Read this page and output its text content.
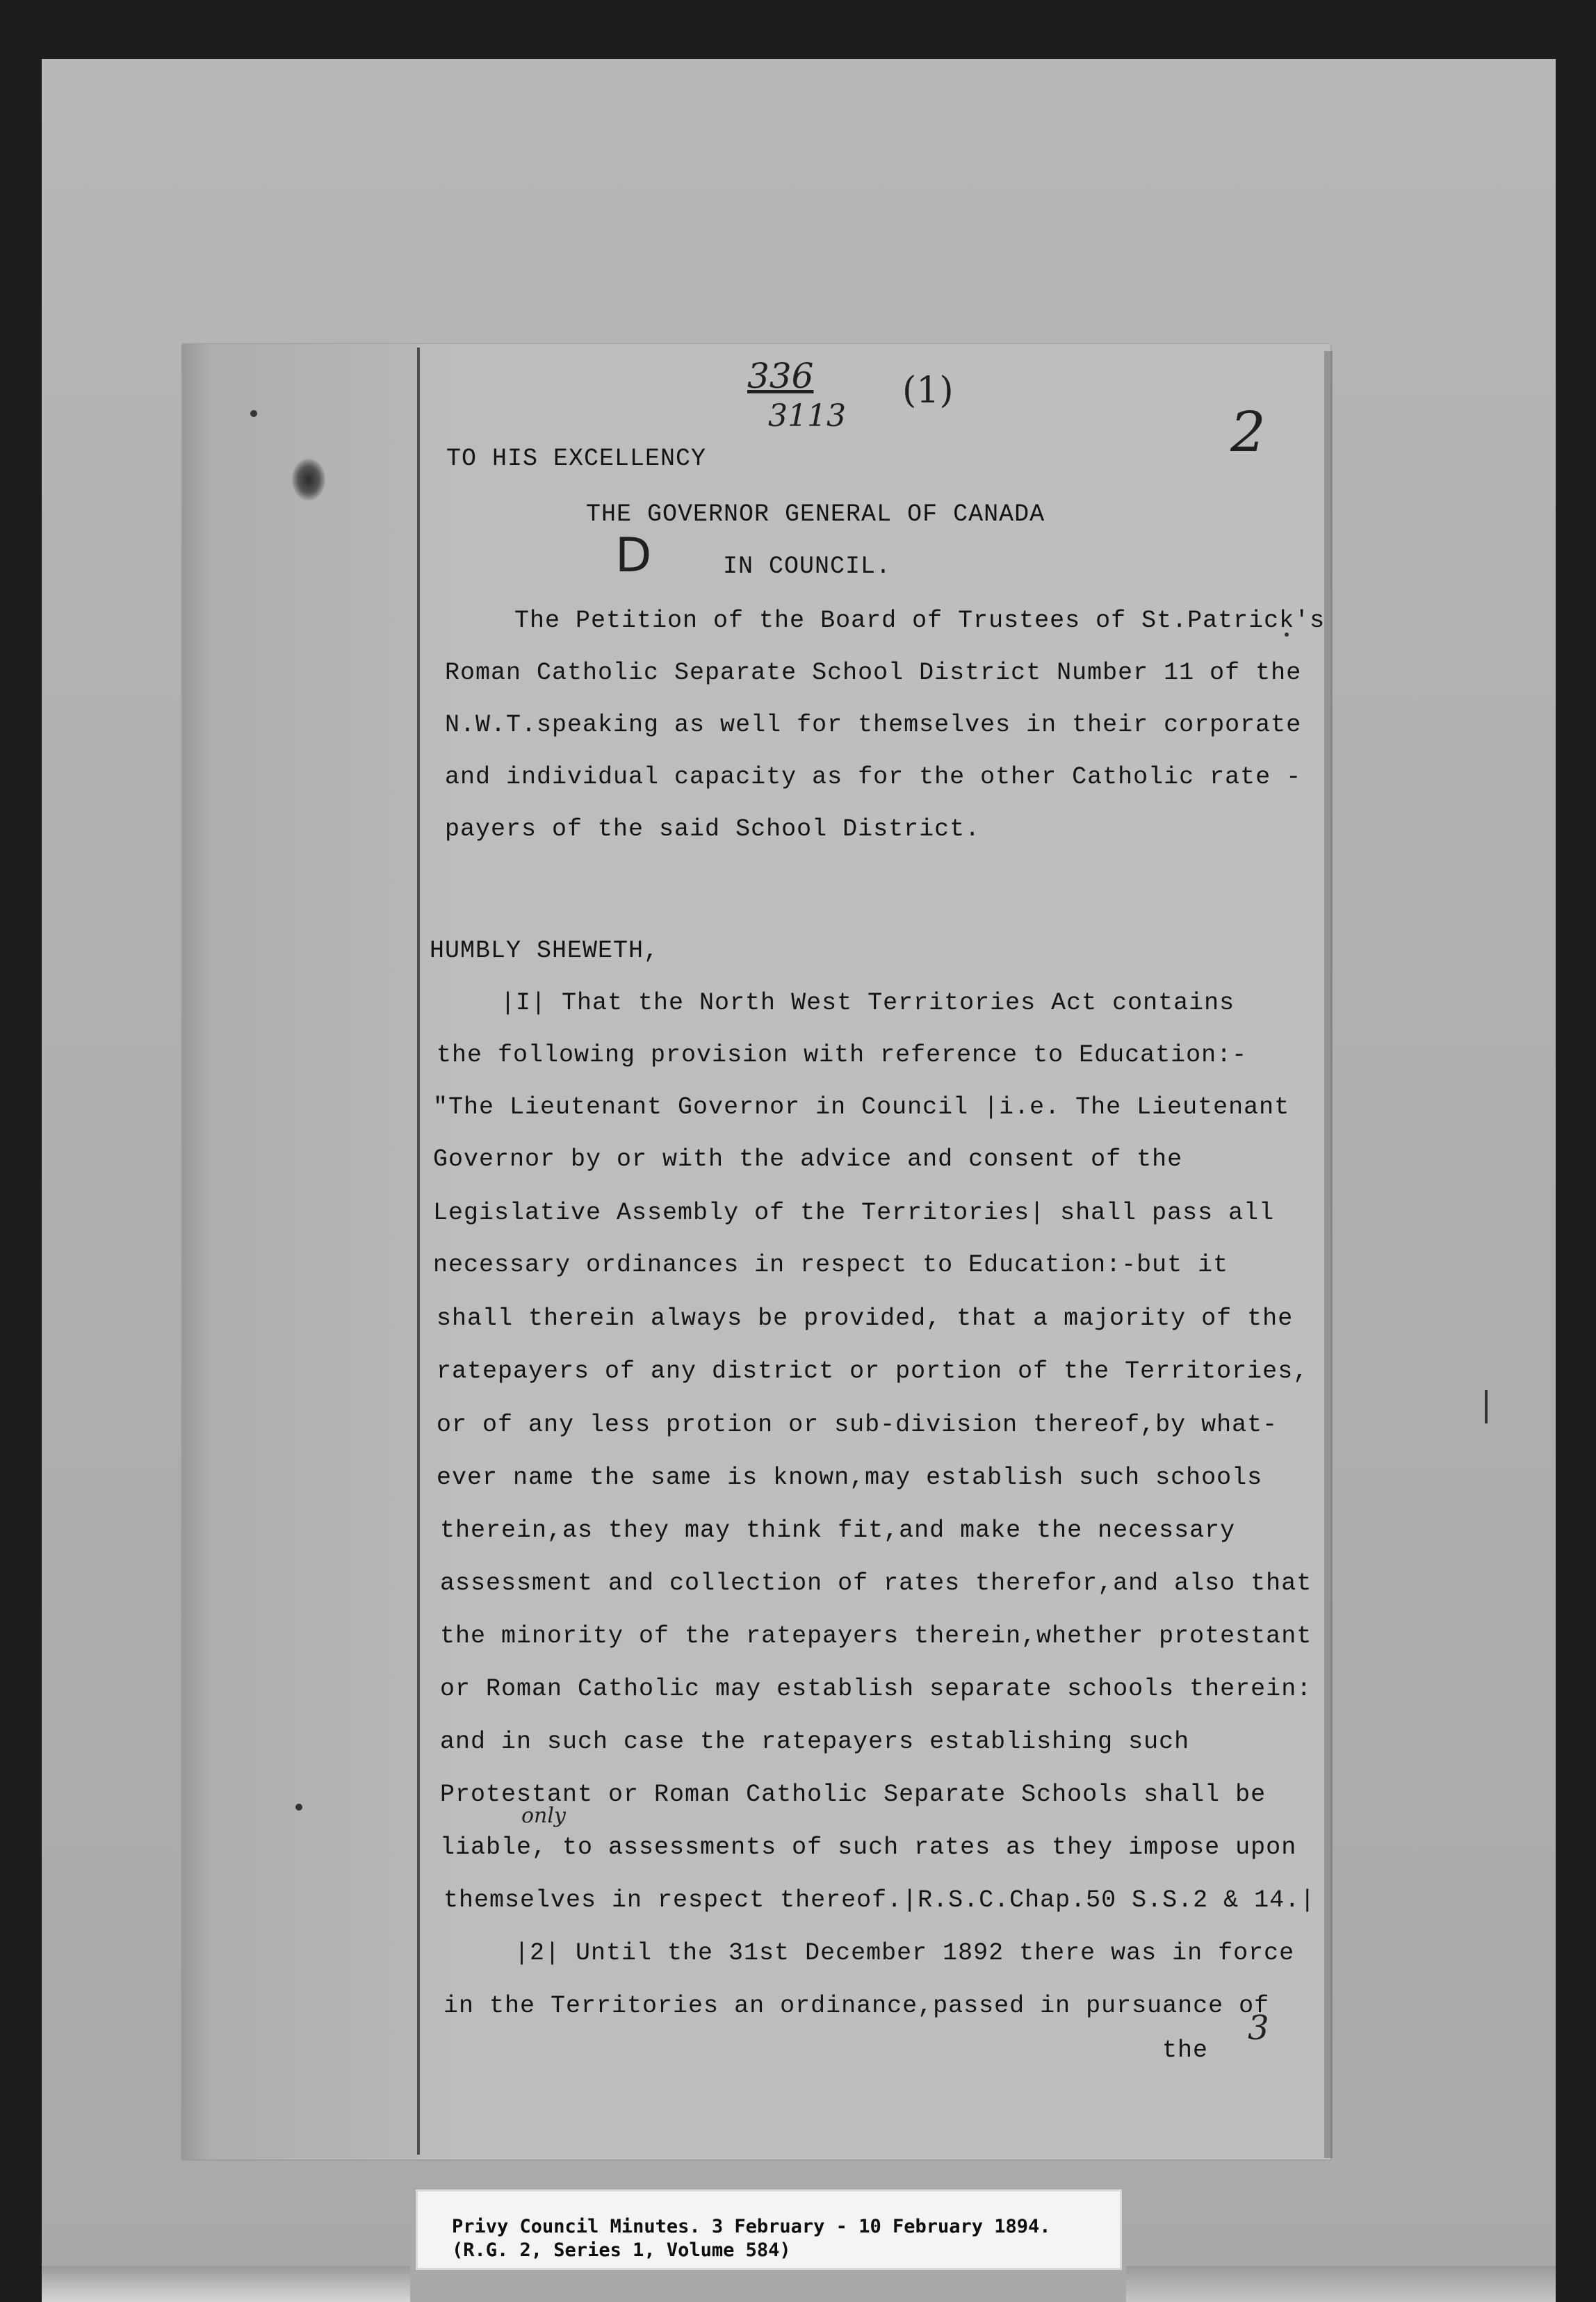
336
3113
(1)
2
D
only
3
TO HIS EXCELLENCY
THE GOVERNOR GENERAL OF CANADA
IN COUNCIL.
The Petition of the Board of Trustees of St.Patrick's
Roman Catholic Separate School District Number 11 of the
N.W.T.speaking as well for themselves in their corporate
and individual capacity as for the other Catholic rate -
payers of the said School District.
HUMBLY SHEWETH,
|I| That the North West Territories Act contains
the following provision with reference to Education:-
"The Lieutenant Governor in Council |i.e. The Lieutenant
Governor by or with the advice and consent of the
Legislative Assembly of the Territories| shall pass all
necessary ordinances in respect to Education:-but it
shall therein always be provided, that a majority of the
ratepayers of any district or portion of the Territories,
or of any less protion or sub-division thereof,by what-
ever name the same is known,may establish such schools
therein,as they may think fit,and make the necessary
assessment and collection of rates therefor,and also that
the minority of the ratepayers therein,whether protestant
or Roman Catholic may establish separate schools therein:
and in such case the ratepayers establishing such
Protestant or Roman Catholic Separate Schools shall be
liable, to assessments of such rates as they impose upon
themselves in respect thereof.|R.S.C.Chap.50 S.S.2 & 14.|
|2| Until the 31st December 1892 there was in force
in the Territories an ordinance,passed in pursuance of
the
Privy Council Minutes. 3 February - 10 February 1894.
(R.G. 2, Series 1, Volume 584)
